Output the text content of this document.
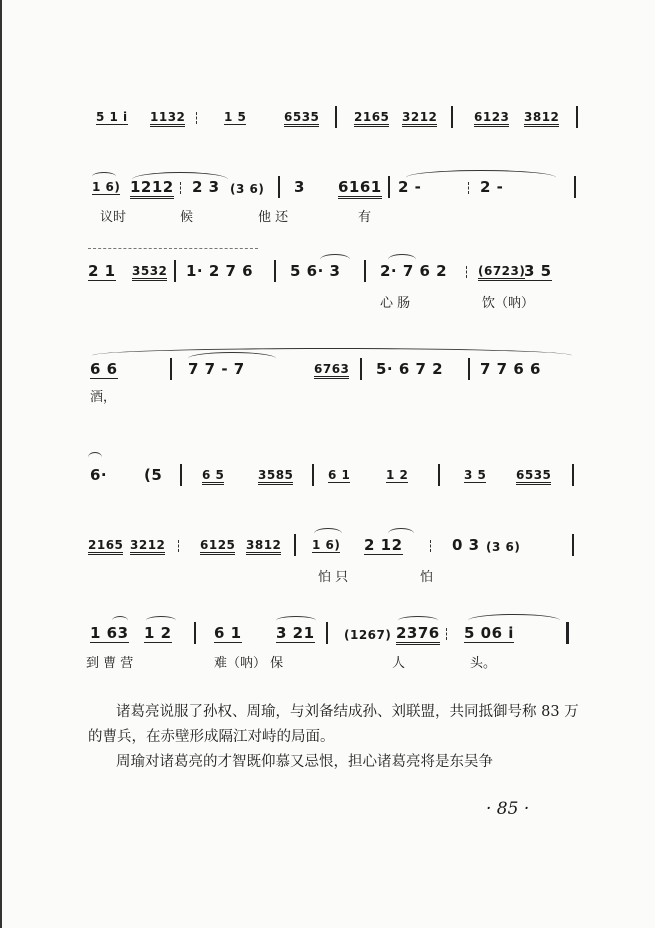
5 1 i 1132	1 5	6535	2165 3212	6123 3812
1 6) 1212 2 3 (3 6) 3 6161 2 -	2 -
议时	候	他 还	有
2 1 3532 1· 2 7 6 5 6· 3	2· 7 6 2	(6723)
3 5
心 肠	饮（呐）
6 6	7 7 - 7	6763 5· 6 7 2 7 7 6 6
酒，
6· (5	6 5	3585	6 1	1 2	3 5 6535
2165 3212	6125 3812	1 6) 2 12	0 3 (3 6)
怕 只	怕
1 63 1 2	6 1 3 21 (1267) 2376 5 06 i
到 曹 营	难（呐） 保	人	头。
诸葛亮说服了孙权、周瑜，与刘备结成孙、刘联盟，共同抵御号称 83 万的曹兵，在赤壁形成隔江对峙的局面。
周瑜对诸葛亮的才智既仰慕又忌恨，担心诸葛亮将是东吴争
· 85 ·
